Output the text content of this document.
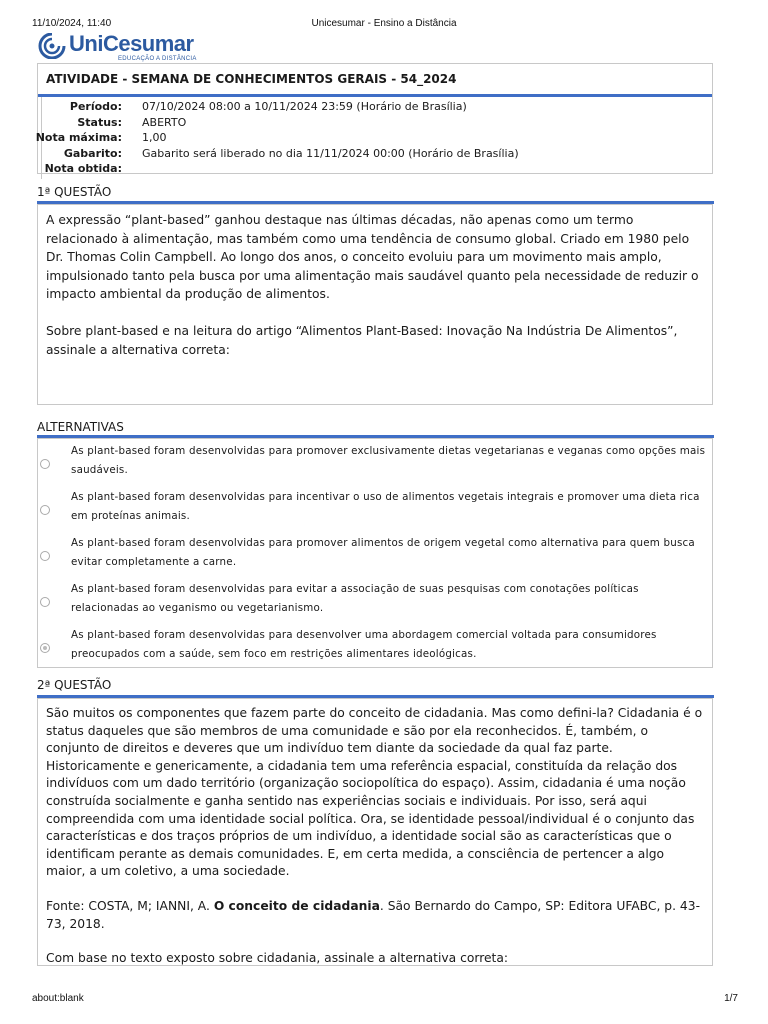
11/10/2024, 11:40	Unicesumar - Ensino a Distância
UniCesumar
EDUCAÇÃO A DISTÂNCIA
ATIVIDADE - SEMANA DE CONHECIMENTOS GERAIS - 54_2024
Período: 07/10/2024 08:00 a 10/11/2024 23:59 (Horário de Brasília)
Status: ABERTO
Nota máxima: 1,00
Gabarito: Gabarito será liberado no dia 11/11/2024 00:00 (Horário de Brasília)
Nota obtida:
1ª QUESTÃO

A expressão “plant-based” ganhou destaque nas últimas décadas, não apenas como um termo relacionado à alimentação, mas também como uma tendência de consumo global. Criado em 1980 pelo Dr. Thomas Colin Campbell. Ao longo dos anos, o conceito evoluiu para um movimento mais amplo, impulsionado tanto pela busca por uma alimentação mais saudável quanto pela necessidade de reduzir o impacto ambiental da produção de alimentos.

Sobre plant-based e na leitura do artigo “Alimentos Plant-Based: Inovação Na Indústria De Alimentos”, assinale a alternativa correta:

ALTERNATIVAS
As plant-based foram desenvolvidas para promover exclusivamente dietas vegetarianas e veganas como opções mais saudáveis.
As plant-based foram desenvolvidas para incentivar o uso de alimentos vegetais integrais e promover uma dieta rica em proteínas animais.
As plant-based foram desenvolvidas para promover alimentos de origem vegetal como alternativa para quem busca evitar completamente a carne.
As plant-based foram desenvolvidas para evitar a associação de suas pesquisas com conotações políticas relacionadas ao veganismo ou vegetarianismo.
As plant-based foram desenvolvidas para desenvolver uma abordagem comercial voltada para consumidores preocupados com a saúde, sem foco em restrições alimentares ideológicas.
2ª QUESTÃO

São muitos os componentes que fazem parte do conceito de cidadania. Mas como defini-la? Cidadania é o status daqueles que são membros de uma comunidade e são por ela reconhecidos. É, também, o conjunto de direitos e deveres que um indivíduo tem diante da sociedade da qual faz parte. Historicamente e genericamente, a cidadania tem uma referência espacial, constituída da relação dos indivíduos com um dado território (organização sociopolítica do espaço). Assim, cidadania é uma noção construída socialmente e ganha sentido nas experiências sociais e individuais. Por isso, será aqui compreendida com uma identidade social política. Ora, se identidade pessoal/individual é o conjunto das características e dos traços próprios de um indivíduo, a identidade social são as características que o identificam perante as demais comunidades. E, em certa medida, a consciência de pertencer a algo maior, a um coletivo, a uma sociedade.

Fonte: COSTA, M; IANNI, A. O conceito de cidadania. São Bernardo do Campo, SP: Editora UFABC, p. 43-73, 2018.

Com base no texto exposto sobre cidadania, assinale a alternativa correta:

about:blank	1/7
